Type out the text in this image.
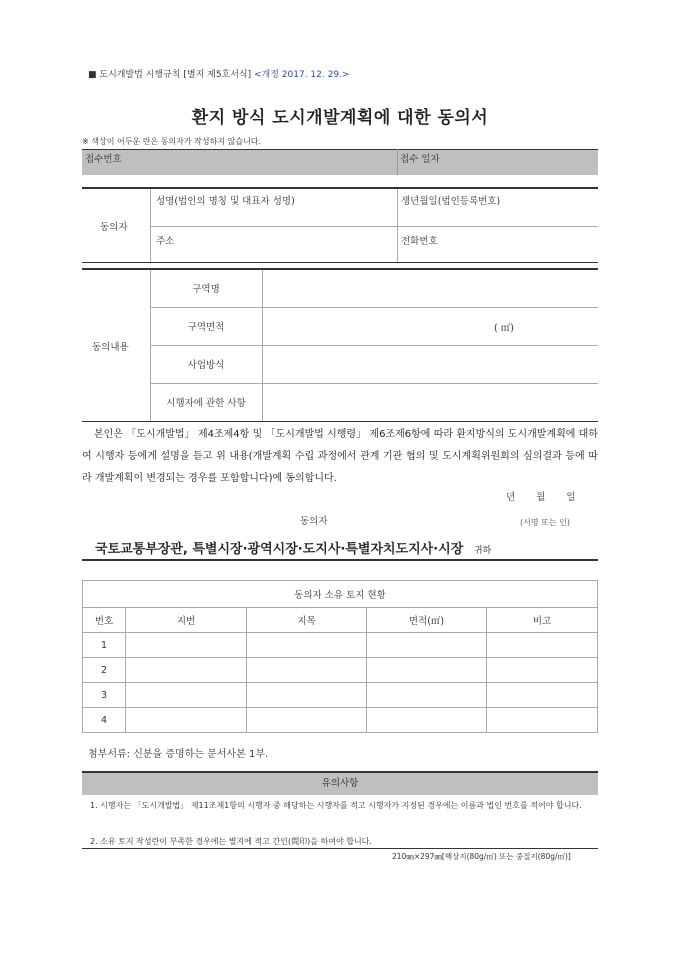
■ 도시개발법 시행규칙 [별지 제5호서식] <개정 2017. 12. 29.>
환지 방식 도시개발계획에 대한 동의서
※ 색상이 어두운 란은 동의자가 작성하지 않습니다.
접수번호	접수 일자
동의자
성명(법인의 명칭 및 대표자 성명)	생년월일(법인등록번호)
주소	전화번호
동의내용
구역명
구역면적	( ㎡)
사업방식
시행자에 관한 사항
본인은 「도시개발법」 제4조제4항 및 「도시개발법 시행령」 제6조제6항에 따라 환지방식의 도시개발계획에 대하여 시행자 등에게 설명을 듣고 위 내용(개발계획 수립 과정에서 관계 기관 협의 및 도시계획위원회의 심의결과 등에 따라 개발계획이 변경되는 경우를 포함합니다)에 동의합니다.
년 월 일
동의자	(서명 또는 인)
국토교통부장관, 특별시장·광역시장·도지사·특별자치도지사·시장 귀하
동의자 소유 토지 현황				
번호	지번	지목	면적(㎡)	비고
1				
2				
3				
4				
첨부서류: 신분을 증명하는 문서사본 1부.
유의사항
1. 시행자는 「도시개발법」 제11조제1항의 시행자 중 해당하는 시행자를 적고 시행자가 지정된 경우에는 이름과 법인 번호를 적어야 합니다.
2. 소유 토지 작성란이 부족한 경우에는 별지에 적고 간인(間印)을 하여야 합니다.
210㎜×297㎜[백상지(80g/㎡) 또는 중질지(80g/㎡)]
